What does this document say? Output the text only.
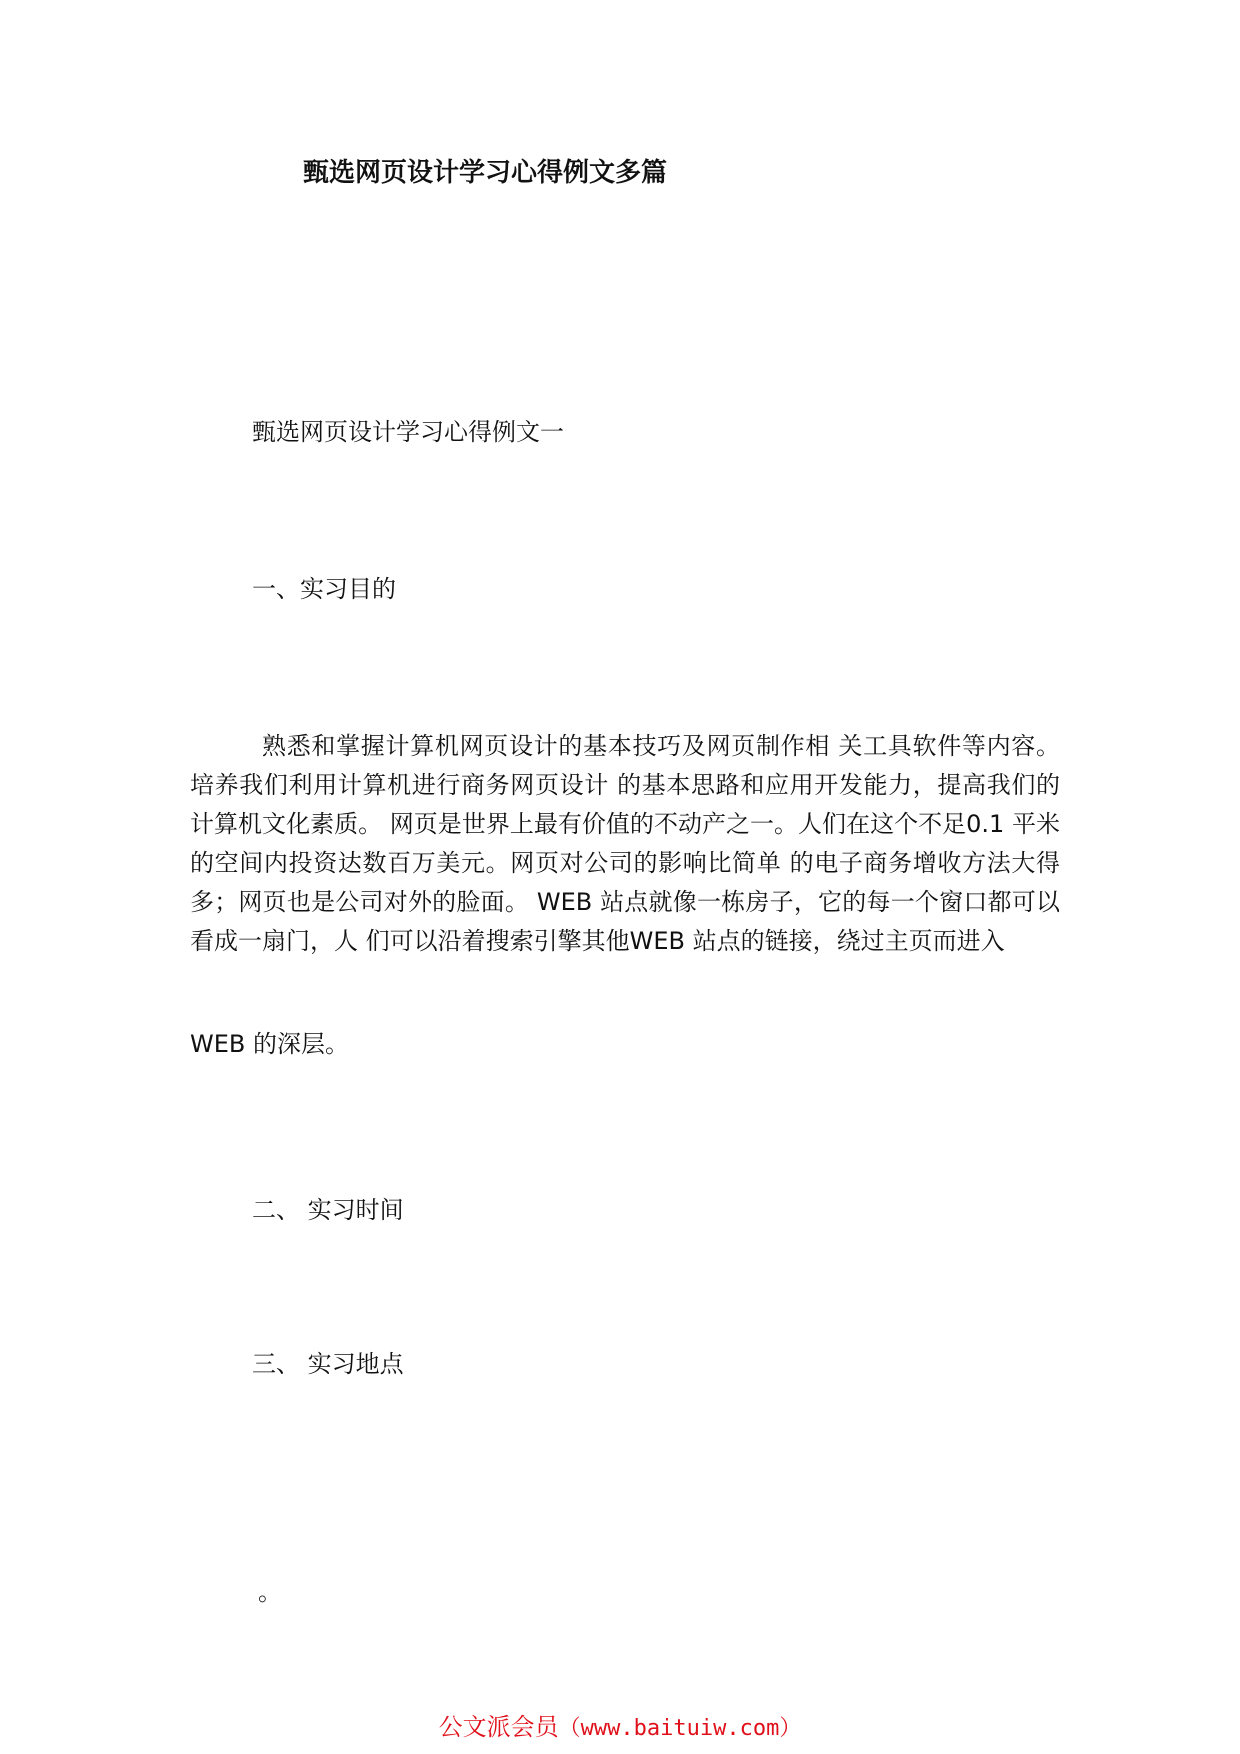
甄选网页设计学习心得例文多篇
甄选网页设计学习心得例文一
一、实习目的
熟悉和掌握计算机网页设计的基本技巧及网页制作相 关工具软件等内容。培养我们利用计算机进行商务网页设计 的基本思路和应用开发能力，提高我们的计算机文化素质。 网页是世界上最有价值的不动产之一。人们在这个不足0.1 平米的空间内投资达数百万美元。网页对公司的影响比简单 的电子商务增收方法大得多；网页也是公司对外的脸面。 WEB 站点就像一栋房子，它的每一个窗口都可以看成一扇门，人 们可以沿着搜索引擎其他WEB 站点的链接，绕过主页而进入
WEB 的深层。
二、 实习时间
三、 实习地点
。
公文派会员（www.baituiw.com）
